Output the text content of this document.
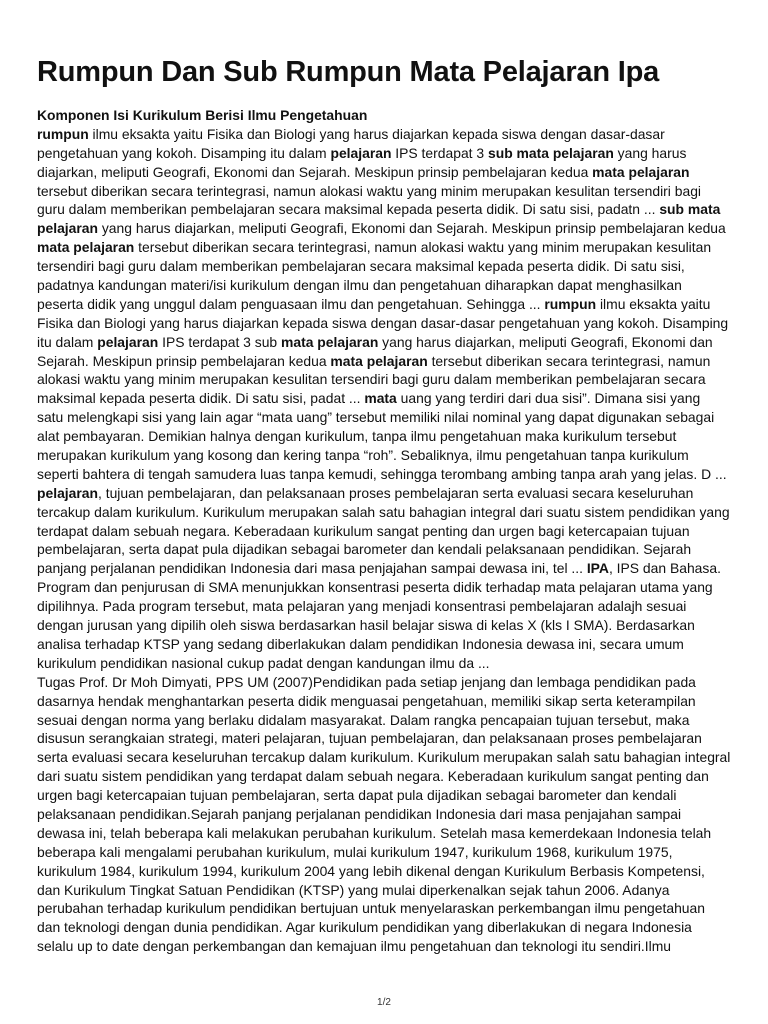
Rumpun Dan Sub Rumpun Mata Pelajaran Ipa
Komponen Isi Kurikulum Berisi Ilmu Pengetahuan
rumpun ilmu eksakta yaitu Fisika dan Biologi yang harus diajarkan kepada siswa dengan dasar-dasar
pengetahuan yang kokoh. Disamping itu dalam pelajaran IPS terdapat 3 sub mata pelajaran yang harus
diajarkan, meliputi Geografi, Ekonomi dan Sejarah. Meskipun prinsip pembelajaran kedua mata pelajaran
tersebut diberikan secara terintegrasi, namun alokasi waktu yang minim merupakan kesulitan tersendiri bagi
guru dalam memberikan pembelajaran secara maksimal kepada peserta didik. Di satu sisi, padatn ... sub mata
pelajaran yang harus diajarkan, meliputi Geografi, Ekonomi dan Sejarah. Meskipun prinsip pembelajaran kedua
mata pelajaran tersebut diberikan secara terintegrasi, namun alokasi waktu yang minim merupakan kesulitan
tersendiri bagi guru dalam memberikan pembelajaran secara maksimal kepada peserta didik. Di satu sisi,
padatnya kandungan materi/isi kurikulum dengan ilmu dan pengetahuan diharapkan dapat menghasilkan
peserta didik yang unggul dalam penguasaan ilmu dan pengetahuan. Sehingga ... rumpun ilmu eksakta yaitu
Fisika dan Biologi yang harus diajarkan kepada siswa dengan dasar-dasar pengetahuan yang kokoh. Disamping
itu dalam pelajaran IPS terdapat 3 sub mata pelajaran yang harus diajarkan, meliputi Geografi, Ekonomi dan
Sejarah. Meskipun prinsip pembelajaran kedua mata pelajaran tersebut diberikan secara terintegrasi, namun
alokasi waktu yang minim merupakan kesulitan tersendiri bagi guru dalam memberikan pembelajaran secara
maksimal kepada peserta didik. Di satu sisi, padat ... mata uang yang terdiri dari dua sisi”. Dimana sisi yang
satu melengkapi sisi yang lain agar “mata uang” tersebut memiliki nilai nominal yang dapat digunakan sebagai
alat pembayaran. Demikian halnya dengan kurikulum, tanpa ilmu pengetahuan maka kurikulum tersebut
merupakan kurikulum yang kosong dan kering tanpa “roh”. Sebaliknya, ilmu pengetahuan tanpa kurikulum
seperti bahtera di tengah samudera luas tanpa kemudi, sehingga terombang ambing tanpa arah yang jelas. D ...
pelajaran, tujuan pembelajaran, dan pelaksanaan proses pembelajaran serta evaluasi secara keseluruhan
tercakup dalam kurikulum. Kurikulum merupakan salah satu bahagian integral dari suatu sistem pendidikan yang
terdapat dalam sebuah negara. Keberadaan kurikulum sangat penting dan urgen bagi ketercapaian tujuan
pembelajaran, serta dapat pula dijadikan sebagai barometer dan kendali pelaksanaan pendidikan. Sejarah
panjang perjalanan pendidikan Indonesia dari masa penjajahan sampai dewasa ini, tel ... IPA, IPS dan Bahasa.
Program dan penjurusan di SMA menunjukkan konsentrasi peserta didik terhadap mata pelajaran utama yang
dipilihnya. Pada program tersebut, mata pelajaran yang menjadi konsentrasi pembelajaran adalajh sesuai
dengan jurusan yang dipilih oleh siswa berdasarkan hasil belajar siswa di kelas X (kls I SMA). Berdasarkan
analisa terhadap KTSP yang sedang diberlakukan dalam pendidikan Indonesia dewasa ini, secara umum
kurikulum pendidikan nasional cukup padat dengan kandungan ilmu da ...
Tugas Prof. Dr Moh Dimyati, PPS UM (2007)Pendidikan pada setiap jenjang dan lembaga pendidikan pada
dasarnya hendak menghantarkan peserta didik menguasai pengetahuan, memiliki sikap serta keterampilan
sesuai dengan norma yang berlaku didalam masyarakat. Dalam rangka pencapaian tujuan tersebut, maka
disusun serangkaian strategi, materi pelajaran, tujuan pembelajaran, dan pelaksanaan proses pembelajaran
serta evaluasi secara keseluruhan tercakup dalam kurikulum. Kurikulum merupakan salah satu bahagian integral
dari suatu sistem pendidikan yang terdapat dalam sebuah negara. Keberadaan kurikulum sangat penting dan
urgen bagi ketercapaian tujuan pembelajaran, serta dapat pula dijadikan sebagai barometer dan kendali
pelaksanaan pendidikan.Sejarah panjang perjalanan pendidikan Indonesia dari masa penjajahan sampai
dewasa ini, telah beberapa kali melakukan perubahan kurikulum. Setelah masa kemerdekaan Indonesia telah
beberapa kali mengalami perubahan kurikulum, mulai kurikulum 1947, kurikulum 1968, kurikulum 1975,
kurikulum 1984, kurikulum 1994, kurikulum 2004 yang lebih dikenal dengan Kurikulum Berbasis Kompetensi,
dan Kurikulum Tingkat Satuan Pendidikan (KTSP) yang mulai diperkenalkan sejak tahun 2006. Adanya
perubahan terhadap kurikulum pendidikan bertujuan untuk menyelaraskan perkembangan ilmu pengetahuan
dan teknologi dengan dunia pendidikan. Agar kurikulum pendidikan yang diberlakukan di negara Indonesia
selalu up to date dengan perkembangan dan kemajuan ilmu pengetahuan dan teknologi itu sendiri.Ilmu
1/2
